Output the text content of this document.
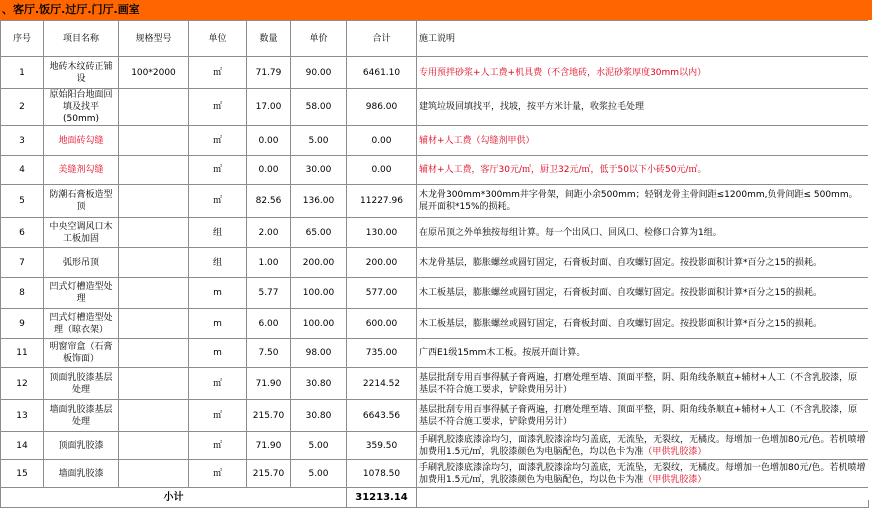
、客厅.饭厅.过厅.门厅.画室
序号	项目名称	规格型号	单位	数量	单价	合计	施工说明
1	地砖木纹砖正铺设	100*2000	㎡	71.79	90.00	6461.10	专用预拌砂浆+人工费+机具费（不含地砖，水泥砂浆厚度30mm以内）
2	原始阳台地面回填及找平(50mm)		㎡	17.00	58.00	986.00	建筑垃圾回填找平，找坡，按平方米计量，收浆拉毛处理
3	地面砖勾缝		㎡	0.00	5.00	0.00	辅材+人工费（勾缝剂甲供）
4	美缝剂勾缝		㎡	0.00	30.00	0.00	辅材+人工费，客厅30元/㎡，厨卫32元/㎡，低于50以下小砖50元/㎡。
5	防潮石膏板造型顶		㎡	82.56	136.00	11227.96	木龙骨300mm*300mm井字骨架，间距小余500mm；轻钢龙骨主骨间距≤1200mm,负骨间距≤ 500mm。展开面积*15%的损耗。
6	中央空调风口木工板加固		组	2.00	65.00	130.00	在原吊顶之外单独按每组计算。每一个出风口、回风口、检修口合算为1组。
7	弧形吊顶		组	1.00	200.00	200.00	木龙骨基层，膨胀螺丝或圆钉固定，石膏板封面、自攻螺钉固定。按投影面积计算*百分之15的损耗。
8	凹式灯槽造型处理		m	5.77	100.00	577.00	木工板基层，膨胀螺丝或圆钉固定，石膏板封面、自攻螺钉固定。按投影面积计算*百分之15的损耗。
9	凹式灯槽造型处理（晾衣架）		m	6.00	100.00	600.00	木工板基层，膨胀螺丝或圆钉固定，石膏板封面、自攻螺钉固定。按投影面积计算*百分之15的损耗。
11	明窗帘盒（石膏板饰面）		m	7.50	98.00	735.00	广西E1级15mm木工板。按展开面计算。
12	顶面乳胶漆基层处理		㎡	71.90	30.80	2214.52	基层批刮专用百事得腻子膏两遍，打磨处理至墙、顶面平整，阴、阳角线条顺直+辅材+人工（不含乳胶漆，原基层不符合施工要求，铲除费用另计）
13	墙面乳胶漆基层处理		㎡	215.70	30.80	6643.56	基层批刮专用百事得腻子膏两遍，打磨处理至墙、顶面平整，阴、阳角线条顺直+辅材+人工（不含乳胶漆，原基层不符合施工要求，铲除费用另计）
14	顶面乳胶漆		㎡	71.90	5.00	359.50	手刷乳胶漆底漆涂均匀，面漆乳胶漆涂均匀盖底，无流坠，无裂纹，无橘皮。每增加一色增加80元/色。若机喷增加费用1.5元/㎡，乳胶漆颜色为电脑配色，均以色卡为准（甲供乳胶漆）
15	墙面乳胶漆		㎡	215.70	5.00	1078.50	手刷乳胶漆底漆涂均匀，面漆乳胶漆涂均匀盖底，无流坠，无裂纹，无橘皮。每增加一色增加80元/色。若机喷增加费用1.5元/㎡，乳胶漆颜色为电脑配色，均以色卡为准（甲供乳胶漆）
小计						31213.14	
